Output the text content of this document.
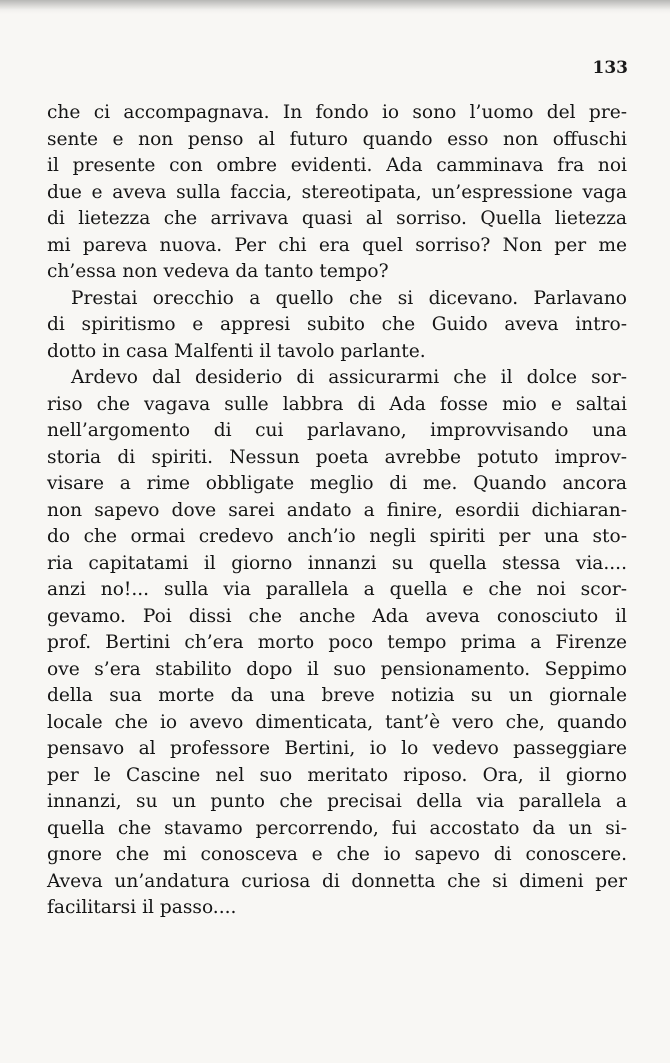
133
che ci accompagnava. In fondo io sono l’uomo del pre-
sente e non penso al futuro quando esso non offuschi
il presente con ombre evidenti. Ada camminava fra noi
due e aveva sulla faccia, stereotipata, un’espressione vaga
di lietezza che arrivava quasi al sorriso. Quella lietezza
mi pareva nuova. Per chi era quel sorriso? Non per me
ch’essa non vedeva da tanto tempo?
Prestai orecchio a quello che si dicevano. Parlavano
di spiritismo e appresi subito che Guido aveva intro-
dotto in casa Malfenti il tavolo parlante.
Ardevo dal desiderio di assicurarmi che il dolce sor-
riso che vagava sulle labbra di Ada fosse mio e saltai
nell’argomento di cui parlavano, improvvisando una
storia di spiriti. Nessun poeta avrebbe potuto improv-
visare a rime obbligate meglio di me. Quando ancora
non sapevo dove sarei andato a finire, esordii dichiaran-
do che ormai credevo anch’io negli spiriti per una sto-
ria capitatami il giorno innanzi su quella stessa via....
anzi no!... sulla via parallela a quella e che noi scor-
gevamo. Poi dissi che anche Ada aveva conosciuto il
prof. Bertini ch’era morto poco tempo prima a Firenze
ove s’era stabilito dopo il suo pensionamento. Seppimo
della sua morte da una breve notizia su un giornale
locale che io avevo dimenticata, tant’è vero che, quando
pensavo al professore Bertini, io lo vedevo passeggiare
per le Cascine nel suo meritato riposo. Ora, il giorno
innanzi, su un punto che precisai della via parallela a
quella che stavamo percorrendo, fui accostato da un si-
gnore che mi conosceva e che io sapevo di conoscere.
Aveva un’andatura curiosa di donnetta che si dimeni per
facilitarsi il passo....
